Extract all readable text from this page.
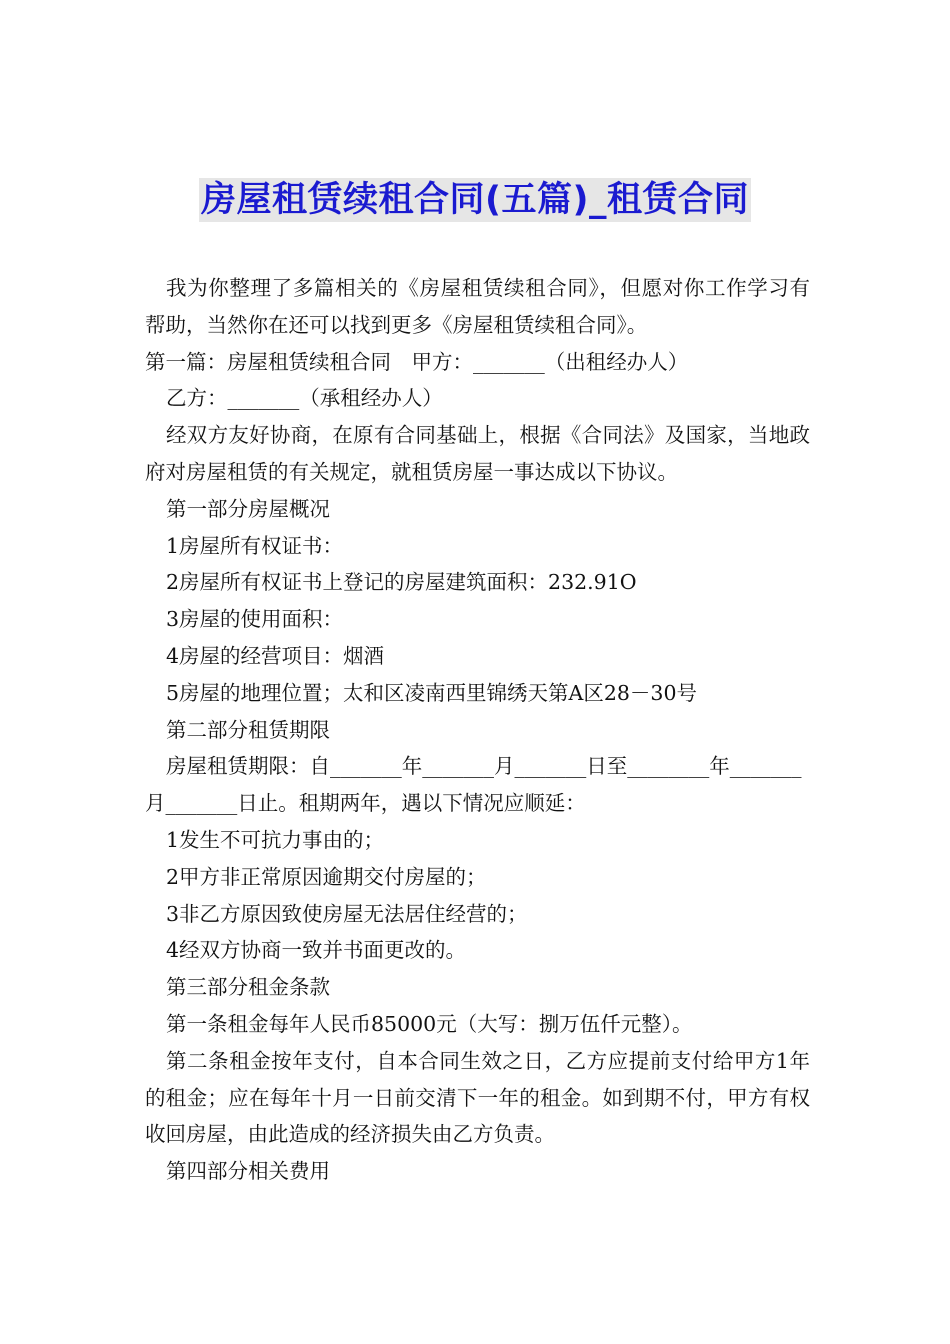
房屋租赁续租合同(五篇)_租赁合同

我为你整理了多篇相关的《房屋租赁续租合同》，但愿对你工作学习有帮助，当然你在还可以找到更多《房屋租赁续租合同》。

第一篇：房屋租赁续租合同　甲方：_______（出租经办人）

乙方：_______（承租经办人）

经双方友好协商，在原有合同基础上，根据《合同法》及国家，当地政府对房屋租赁的有关规定，就租赁房屋一事达成以下协议。

第一部分房屋概况

1房屋所有权证书：

2房屋所有权证书上登记的房屋建筑面积：232.91O

3房屋的使用面积：

4房屋的经营项目：烟酒

5房屋的地理位置；太和区凌南西里锦绣天第A区28－30号

第二部分租赁期限

房屋租赁期限：自_______年_______月_______日至________年_______月_______日止。租期两年，遇以下情况应顺延：

1发生不可抗力事由的；

2甲方非正常原因逾期交付房屋的；

3非乙方原因致使房屋无法居住经营的；

4经双方协商一致并书面更改的。

第三部分租金条款

第一条租金每年人民币85000元（大写：捌万伍仟元整）。

第二条租金按年支付，自本合同生效之日，乙方应提前支付给甲方1年的租金；应在每年十月一日前交清下一年的租金。如到期不付，甲方有权收回房屋，由此造成的经济损失由乙方负责。

第四部分相关费用
